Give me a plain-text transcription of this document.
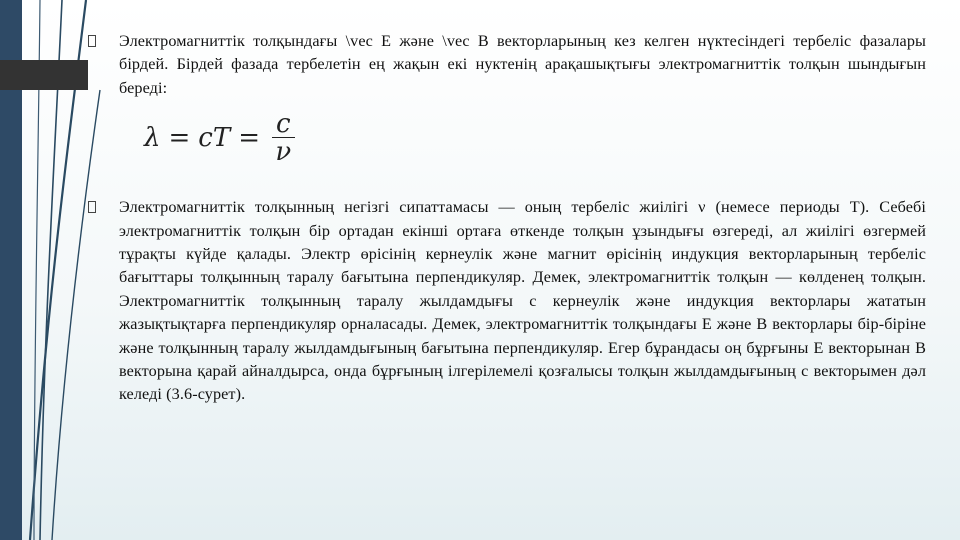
Электромагниттік толқындағы \vec E және \vec B векторларының кез келген нүктесіндегі тербеліс фазалары бірдей. Бірдей фазада тербелетін ең жақын екі нуктенің арақашықтығы электромагниттік толқын шындығын береді:

λ = cT = $\frac{c}{\nu}$

Электромагниттік толқынның негізгі сипаттамасы — оның тербеліс жиілігі ν (немесе периоды Т). Себебі электромагниттік толқын бір ортадан екінші ортаға өткенде толқын ұзындығы өзгереді, ал жиілігі өзгермей тұрақты күйде қалады. Электр өрісінің кернеулік және магнит өрісінің индукция векторларының тербеліс бағыттары толқынның таралу бағытына перпендикуляр. Демек, электромагниттік толқын — көлденең толқын. Электромагниттік толқынның таралу жылдамдығы c кернеулік және индукция векторлары жататын жазықтықтарға перпендикуляр орналасады. Демек, электромагниттік толқындағы Е және В векторлары бір-біріне және толқынның таралу жылдамдығының бағытына перпендикуляр. Егер бұрандасы оң бұрғыны Е векторынан В векторына қарай айналдырса, онда бұрғының ілгерілемелі қозғалысы толқын жылдамдығының c векторымен дәл келеді (3.6-сурет).
